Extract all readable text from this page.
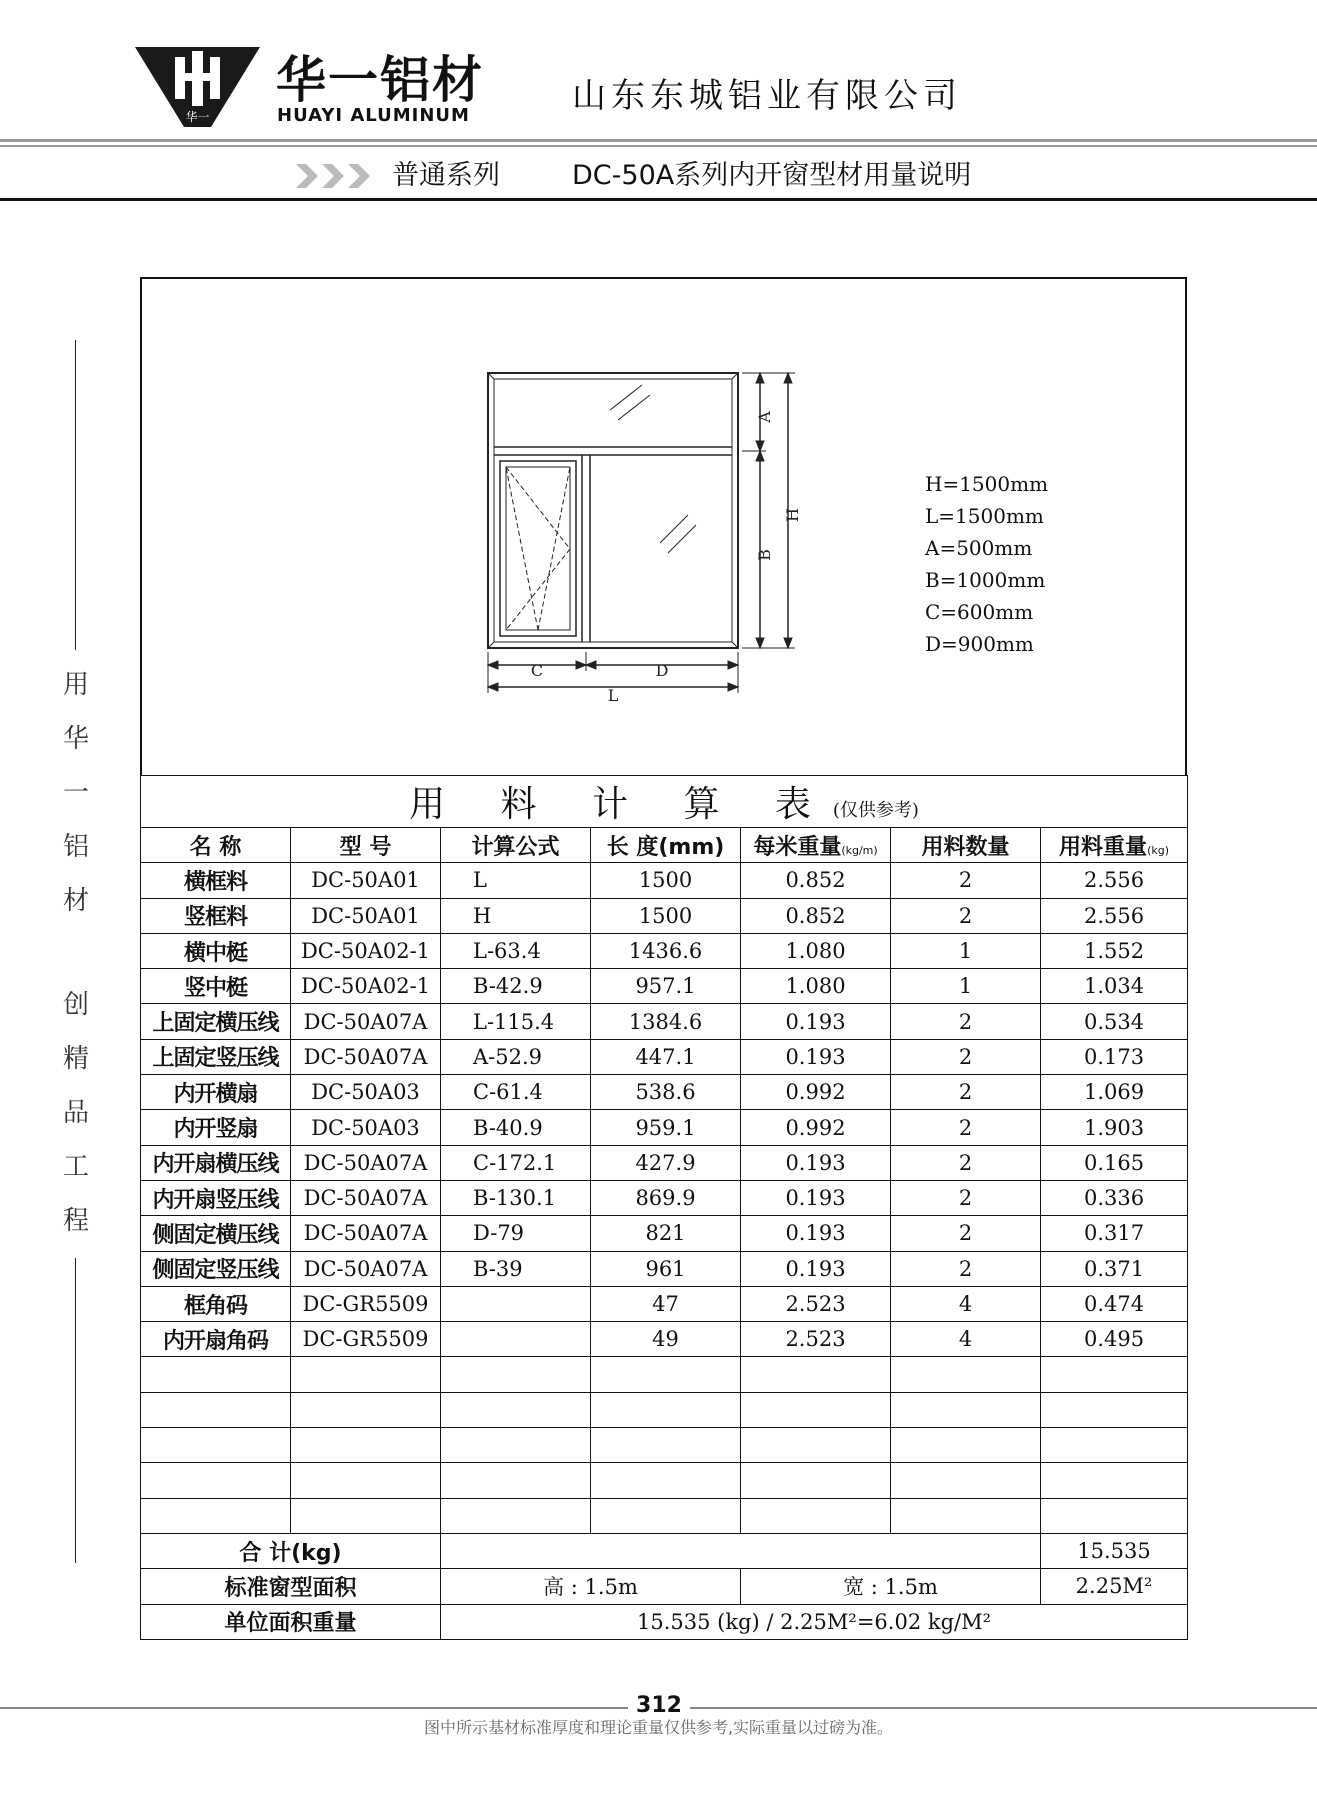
华一
华一铝材
HUAYI ALUMINUM	山东东城铝业有限公司
普通系列	DC-50A系列内开窗型材用量说明
用
华
一
铝
材
创
精
品
工
程
A
B
H
C	D
L
H=1500mm
L=1500mm
A=500mm
B=1000mm
C=600mm
D=900mm
用 料 计 算 表(仅供参考)						
名 称	型 号	计算公式	长 度(mm)	每米重量(kg/m)	用料数量	用料重量(kg)
横框料	DC-50A01	L	1500	0.852	2	2.556
竖框料	DC-50A01	H	1500	0.852	2	2.556
横中梃	DC-50A02-1	L-63.4	1436.6	1.080	1	1.552
竖中梃	DC-50A02-1	B-42.9	957.1	1.080	1	1.034
上固定横压线	DC-50A07A	L-115.4	1384.6	0.193	2	0.534
上固定竖压线	DC-50A07A	A-52.9	447.1	0.193	2	0.173
内开横扇	DC-50A03	C-61.4	538.6	0.992	2	1.069
内开竖扇	DC-50A03	B-40.9	959.1	0.992	2	1.903
内开扇横压线	DC-50A07A	C-172.1	427.9	0.193	2	0.165
内开扇竖压线	DC-50A07A	B-130.1	869.9	0.193	2	0.336
侧固定横压线	DC-50A07A	D-79	821	0.193	2	0.317
侧固定竖压线	DC-50A07A	B-39	961	0.193	2	0.371
框角码	DC-GR5509		47	2.523	4	0.474
内开扇角码	DC-GR5509		49	2.523	4	0.495

合 计(kg)						15.535
标准窗型面积		高 : 1.5m		宽 : 1.5m		2.25M²
单位面积重量		15.535 (kg) / 2.25M²=6.02 kg/M²				
312
图中所示基材标准厚度和理论重量仅供参考,实际重量以过磅为准。
